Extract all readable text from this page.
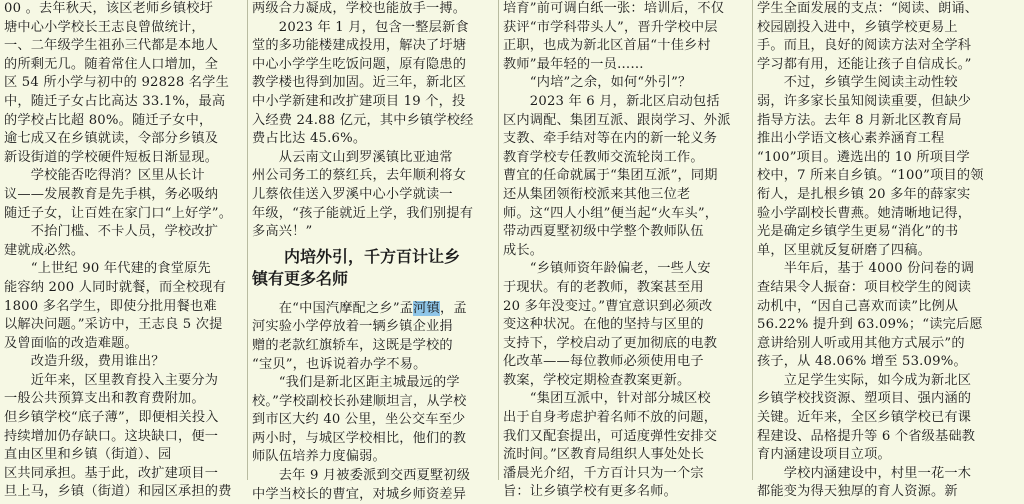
00 。去年秋天，该区老师乡镇校圩
塘中心小学校长王志良曾做统计，
一、二年级学生祖孙三代都是本地人
的所剩无几。随着常住人口增加，全
区 54 所小学与初中的 92828 名学生
中，随迁子女占比高达 33.1%，最高
的学校占比超 80%。随迁子女中，
逾七成又在乡镇就读，令部分乡镇及
新设街道的学校硬件短板日渐显现。
　　学校能否吃得消？区里从长计
议——发展教育是先手棋，务必吸纳
随迁子女，让百姓在家门口“上好学”。
　　不抬门槛、不卡人员，学校改扩
建就成必然。
　　“上世纪 90 年代建的食堂原先
能容纳 200 人同时就餐，而全校现有
1800 多名学生，即使分批用餐也难
以解决问题。”采访中，王志良 5 次提
及曾面临的改造难题。
　　改造升级，费用谁出？
　　近年来，区里教育投入主要分为
一般公共预算支出和教育费附加。
但乡镇学校“底子薄”，即便相关投入
持续增加仍存缺口。这块缺口，便一
直由区里和乡镇（街道）、园
区共同承担。基于此，改扩建项目一
旦上马，乡镇（街道）和园区承担的费
两级合力凝成，学校也能放手一搏。
　　2023 年 1 月，包含一整层新食
堂的多功能楼建成投用，解决了圩塘
中心小学学生吃饭问题，原有隐患的
教学楼也得到加固。近三年，新北区
中小学新建和改扩建项目 19 个，投
入经费 24.88 亿元，其中乡镇学校经
费占比达 45.6%。
　　从云南文山到罗溪镇比亚迪常
州公司务工的蔡红兵，去年顺利将女
儿蔡依佳送入罗溪中心小学就读一
年级，“孩子能就近上学，我们别提有
多高兴！”
　　内培外引，千方百计让乡
镇有更多名师
　　在“中国汽摩配之乡”孟河镇，孟
河实验小学停放着一辆乡镇企业捐
赠的老款红旗轿车，这既是学校的
“宝贝”，也诉说着办学不易。
　　“我们是新北区距主城最远的学
校。”学校副校长孙建顺坦言，从学校
到市区大约 40 公里，坐公交车至少
两小时，与城区学校相比，他们的教
师队伍培养力度偏弱。
　　去年 9 月被委派到交西夏墅初级
中学当校长的曹宜，对城乡师资差异
培育”前可调白纸一张：培训后，不仅
获评“市学科带头人”，晋升学校中层
正职，也成为新北区首届“十佳乡村
教师”最年轻的一员……
　　“内培”之余，如何“外引”？
　　2023 年 6 月，新北区启动包括
区内调配、集团互派、跟岗学习、外派
支教、牵手结对等在内的新一轮义务
教育学校专任教师交流轮岗工作。
曹宜的任命就属于“集团互派”，同期
还从集团领衔校派来其他三位老
师。这“四人小组”便当起“火车头”，
带动西夏墅初级中学整个教师队伍
成长。
　　“乡镇师资年龄偏老，一些人安
于现状。有的老教师，教案甚至用
20 多年没变过。”曹宜意识到必须改
变这种状况。在他的坚持与区里的
支持下，学校启动了更加彻底的电教
化改革——每位教师必须使用电子
教案，学校定期检查教案更新。
　　“集团互派中，针对部分城区校
出于自身考虑护着名师不放的问题，
我们又配套提出，可适度弹性安排交
流时间。”区教育局组织人事处处长
潘晨光介绍，千方百计只为一个宗
旨：让乡镇学校有更多名师。
学生全面发展的支点：“阅读、朗诵、
校园剧投入进中，乡镇学校更易上
手。而且，良好的阅读方法对全学科
学习都有用，还能让孩子自信成长。”
　　不过，乡镇学生阅读主动性较
弱，许多家长虽知阅读重要，但缺少
指导方法。去年 8 月新北区教育局
推出小学语文核心素养涵育工程
“100”项目。遴选出的 10 所项目学
校中，7 所来自乡镇。“100”项目的领
衔人，是扎根乡镇 20 多年的薛家实
验小学副校长曹燕。她清晰地记得，
光是确定乡镇学生更易“消化”的书
单，区里就反复研磨了四稿。
　　半年后，基于 4000 份问卷的调
查结果令人振奋：项目校学生的阅读
动机中，“因自己喜欢而读”比例从
56.22% 提升到 63.09%；“读完后愿
意讲给别人听或用其他方式展示”的
孩子，从 48.06% 增至 53.09%。
　　立足学生实际，如今成为新北区
乡镇学校找资源、塑项目、强内涵的
关键。近年来，全区乡镇学校已有课
程建设、品格提升等 6 个省级基础教
育内涵建设项目立项。
　　学校内涵建设中，村里一花一木
都能变为得天独厚的育人资源。新
